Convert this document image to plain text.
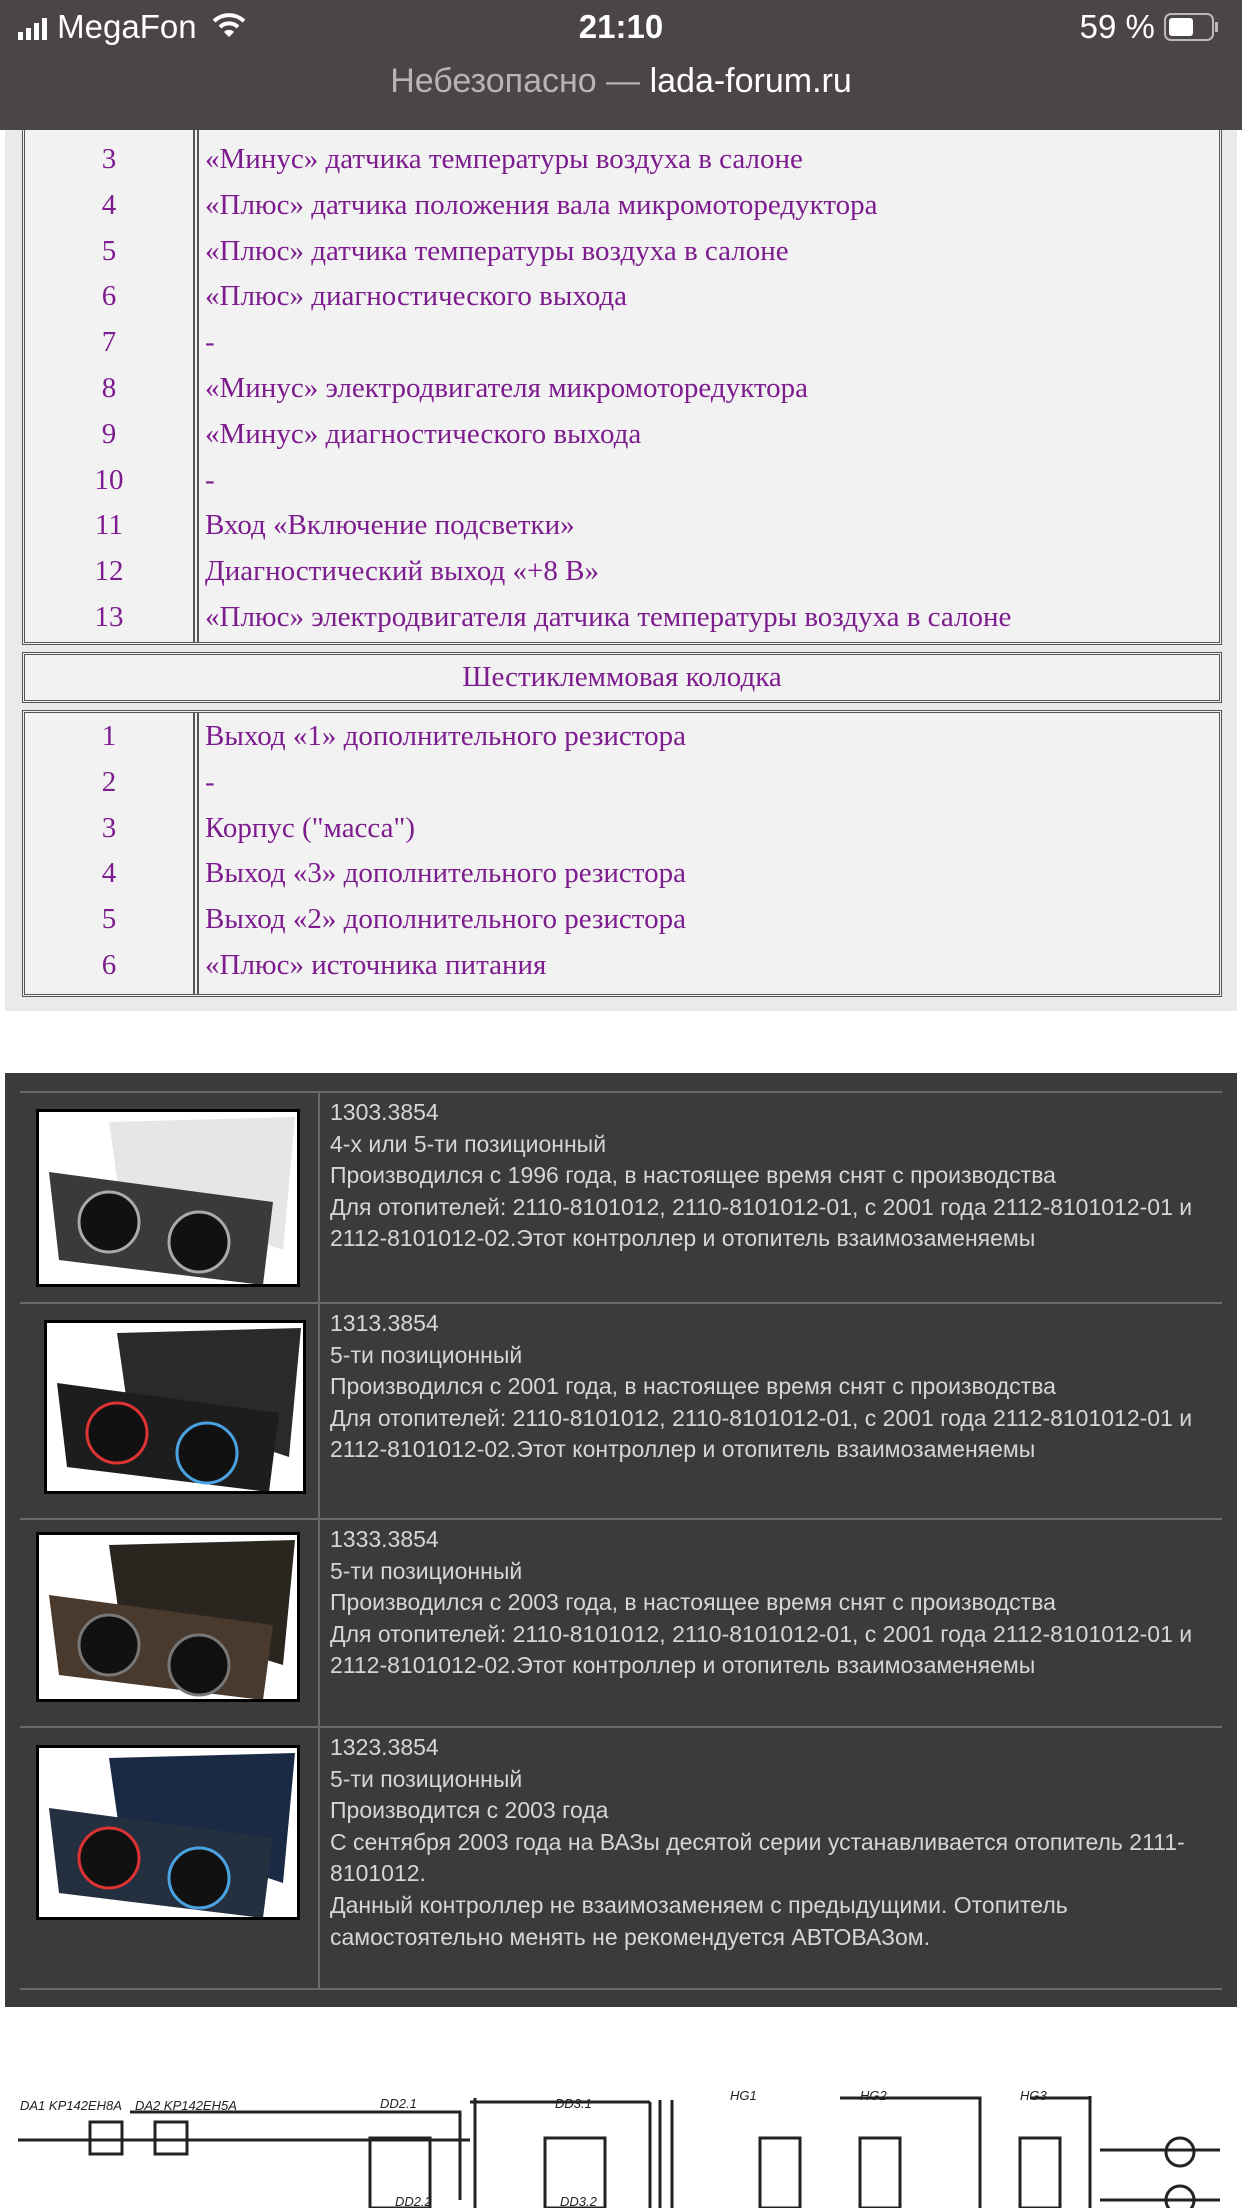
MegaFon	21:10	59 %
Небезопасно — lada-forum.ru
3	«Минус» датчика температуры воздуха в салоне
4	«Плюс» датчика положения вала микромоторедуктора
5	«Плюс» датчика температуры воздуха в салоне
6	«Плюс» диагностического выхода
7	-
8	«Минус» электродвигателя микромоторедуктора
9	«Минус» диагностического выхода
10	-
11	Вход «Включение подсветки»
12	Диагностический выход «+8 В»
13	«Плюс» электродвигателя датчика температуры воздуха в салоне
Шестиклеммовая колодка
1	Выход «1» дополнительного резистора
2	-
3	Корпус ("масса")
4	Выход «3» дополнительного резистора
5	Выход «2» дополнительного резистора
6	«Плюс» источника питания
1303.3854
4-х или 5-ти позиционный
Производился с 1996 года, в настоящее время снят с производства
Для отопителей: 2110-8101012, 2110-8101012-01, с 2001 года 2112-8101012-01 и 2112-8101012-02.Этот контроллер и отопитель взаимозаменяемы
1313.3854
5-ти позиционный
Производился с 2001 года, в настоящее время снят с производства
Для отопителей: 2110-8101012, 2110-8101012-01, с 2001 года 2112-8101012-01 и 2112-8101012-02.Этот контроллер и отопитель взаимозаменяемы
1333.3854
5-ти позиционный
Производился с 2003 года, в настоящее время снят с производства
Для отопителей: 2110-8101012, 2110-8101012-01, с 2001 года 2112-8101012-01 и 2112-8101012-02.Этот контроллер и отопитель взаимозаменяемы
1323.3854
5-ти позиционный
Производится с 2003 года
С сентября 2003 года на ВАЗы десятой серии устанавливается отопитель 2111-8101012.
Данный контроллер не взаимозаменяем с предыдущими. Отопитель самостоятельно менять не рекомендуется АВТОВАЗом.
DA1 KP142EH8A DA2 KP142EH5A	DD2.1	DD3.1
HG1	HG2	HG3
DD2.2	DD3.2
